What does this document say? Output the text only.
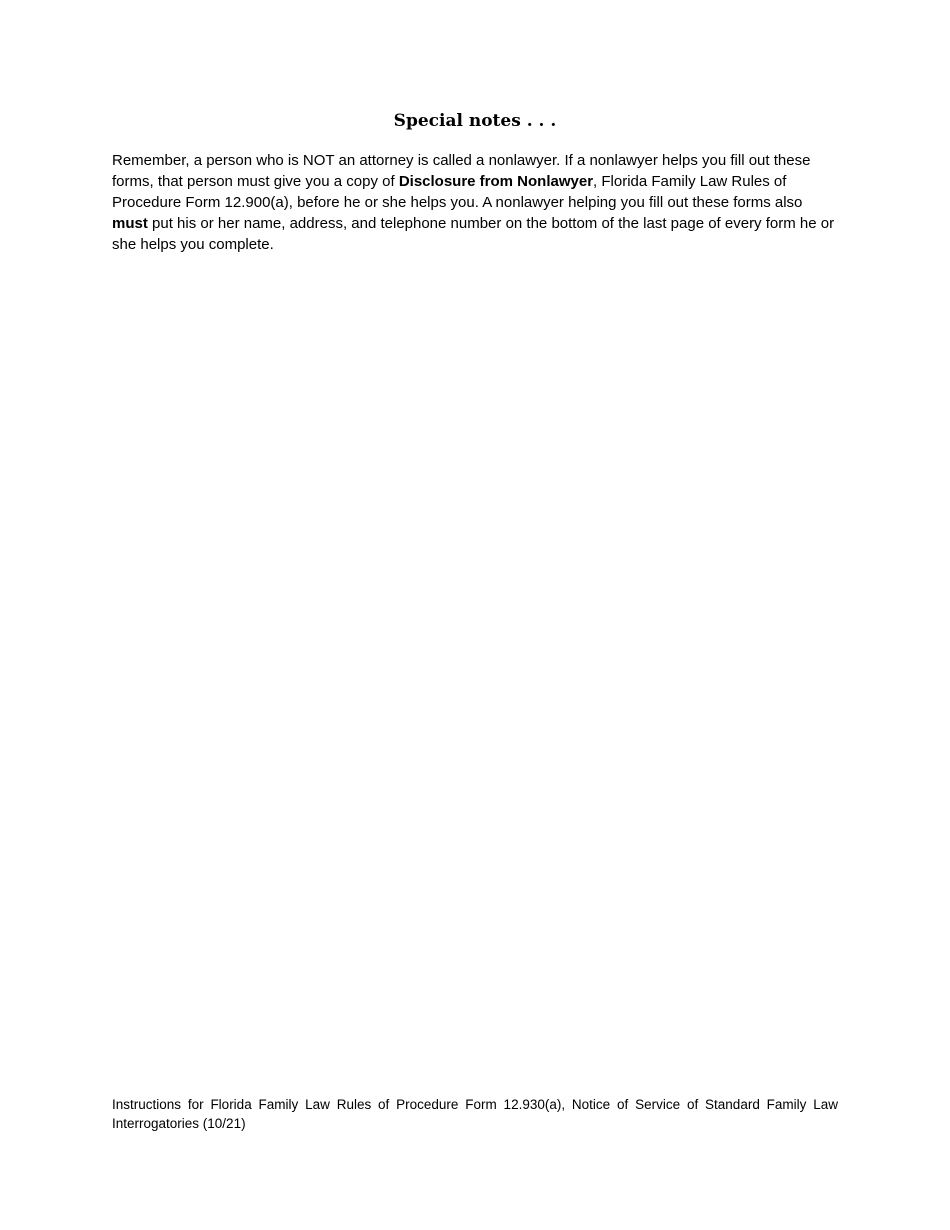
Special notes . . .

Remember, a person who is NOT an attorney is called a nonlawyer. If a nonlawyer helps you fill out these forms, that person must give you a copy of Disclosure from Nonlawyer, Florida Family Law Rules of Procedure Form 12.900(a), before he or she helps you. A nonlawyer helping you fill out these forms also must put his or her name, address, and telephone number on the bottom of the last page of every form he or she helps you complete.

Instructions for Florida Family Law Rules of Procedure Form 12.930(a), Notice of Service of Standard Family Law Interrogatories (10/21)
